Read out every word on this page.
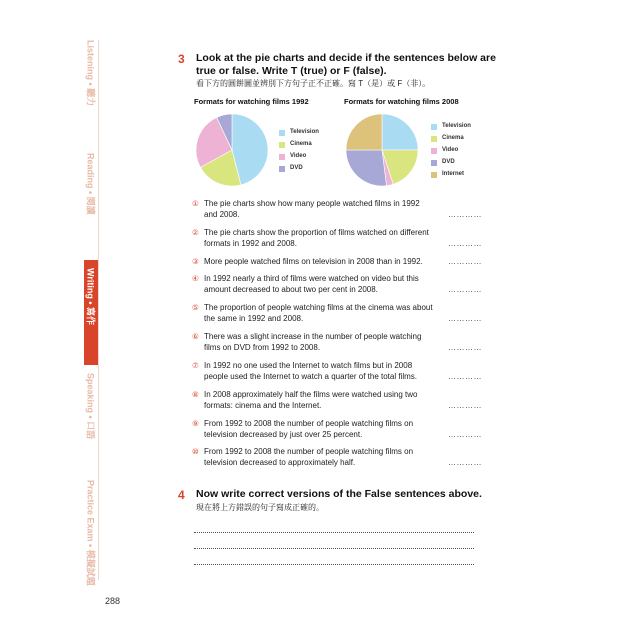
Listening • 聽力
Reading • 閱讀
Writing • 寫作
Speaking • 口語
Practice Exam • 模擬試題
3 Look at the pie charts and decide if the sentences below are true or false. Write T (true) or F (false).
看下方的圓餅圖並辨別下方句子正不正確。寫 T（是）或 F（非）。
Formats for watching films 1992
Television
Cinema
Video
DVD
Formats for watching films 2008
Television
Cinema
Video
DVD
Internet
① The pie charts show how many people watched films in 1992 and 2008.	…………
② The pie charts show the proportion of films watched on different formats in 1992 and 2008.	…………
③ More people watched films on television in 2008 than in 1992.	…………
④ In 1992 nearly a third of films were watched on video but this amount decreased to about two per cent in 2008.	…………
⑤ The proportion of people watching films at the cinema was about the same in 1992 and 2008.	…………
⑥ There was a slight increase in the number of people watching films on DVD from 1992 to 2008.	…………
⑦ In 1992 no one used the Internet to watch films but in 2008 people used the Internet to watch a quarter of the total films.	…………
⑧ In 2008 approximately half the films were watched using two formats: cinema and the Internet.	…………
⑨ From 1992 to 2008 the number of people watching films on television decreased by just over 25 percent.	…………
⑩ From 1992 to 2008 the number of people watching films on television decreased to approximately half.	…………
4 Now write correct versions of the False sentences above.
現在將上方錯誤的句子寫成正確的。
288
